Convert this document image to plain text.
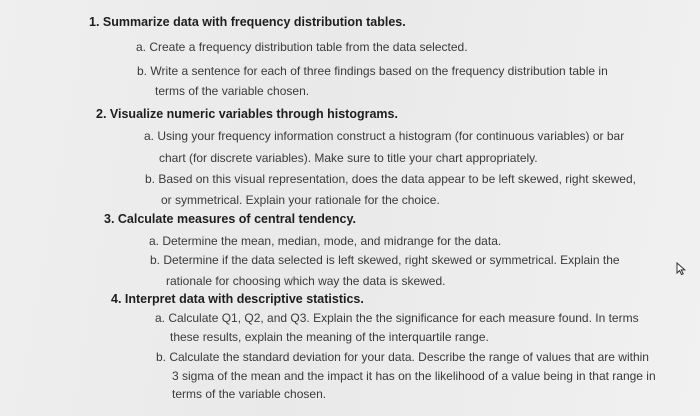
1. Summarize data with frequency distribution tables.
a. Create a frequency distribution table from the data selected.
b. Write a sentence for each of three findings based on the frequency distribution table in
terms of the variable chosen.
2. Visualize numeric variables through histograms.
a. Using your frequency information construct a histogram (for continuous variables) or bar
chart (for discrete variables). Make sure to title your chart appropriately.
b. Based on this visual representation, does the data appear to be left skewed, right skewed,
or symmetrical. Explain your rationale for the choice.
3. Calculate measures of central tendency.
a. Determine the mean, median, mode, and midrange for the data.
b. Determine if the data selected is left skewed, right skewed or symmetrical. Explain the
rationale for choosing which way the data is skewed.
4. Interpret data with descriptive statistics.
a. Calculate Q1, Q2, and Q3. Explain the the significance for each measure found. In terms
these results, explain the meaning of the interquartile range.
b. Calculate the standard deviation for your data. Describe the range of values that are within
3 sigma of the mean and the impact it has on the likelihood of a value being in that range in
terms of the variable chosen.
